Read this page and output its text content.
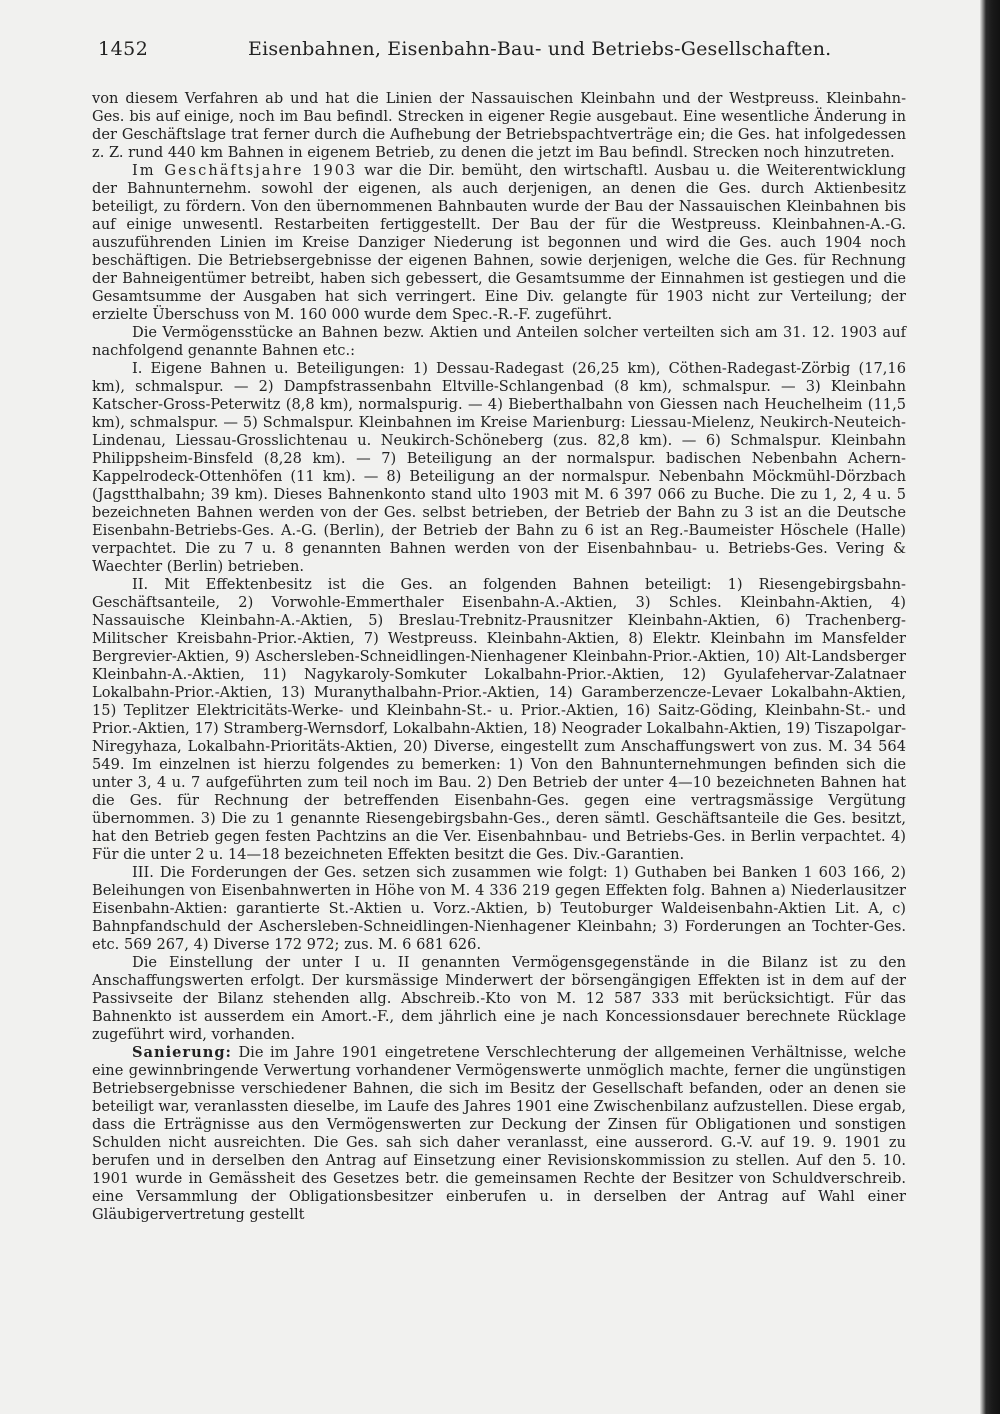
1452	Eisenbahnen, Eisenbahn-Bau- und Betriebs-Gesellschaften.

von diesem Verfahren ab und hat die Linien der Nassauischen Kleinbahn und der Westpreuss. Kleinbahn-Ges. bis auf einige, noch im Bau befindl. Strecken in eigener Regie ausgebaut. Eine wesentliche Änderung in der Geschäftslage trat ferner durch die Aufhebung der Betriebspachtverträge ein; die Ges. hat infolgedessen z. Z. rund 440 km Bahnen in eigenem Betrieb, zu denen die jetzt im Bau befindl. Strecken noch hinzutreten.

Im Geschäftsjahre 1903 war die Dir. bemüht, den wirtschaftl. Ausbau u. die Weiterentwicklung der Bahnunternehm. sowohl der eigenen, als auch derjenigen, an denen die Ges. durch Aktienbesitz beteiligt, zu fördern. Von den übernommenen Bahnbauten wurde der Bau der Nassauischen Kleinbahnen bis auf einige unwesentl. Restarbeiten fertiggestellt. Der Bau der für die Westpreuss. Kleinbahnen-A.-G. auszuführenden Linien im Kreise Danziger Niederung ist begonnen und wird die Ges. auch 1904 noch beschäftigen. Die Betriebsergebnisse der eigenen Bahnen, sowie derjenigen, welche die Ges. für Rechnung der Bahneigentümer betreibt, haben sich gebessert, die Gesamtsumme der Einnahmen ist gestiegen und die Gesamtsumme der Ausgaben hat sich verringert. Eine Div. gelangte für 1903 nicht zur Verteilung; der erzielte Überschuss von M. 160 000 wurde dem Spec.-R.-F. zugeführt.

Die Vermögensstücke an Bahnen bezw. Aktien und Anteilen solcher verteilten sich am 31. 12. 1903 auf nachfolgend genannte Bahnen etc.:

I. Eigene Bahnen u. Beteiligungen: 1) Dessau-Radegast (26,25 km), Cöthen-Radegast-Zörbig (17,16 km), schmalspur. — 2) Dampfstrassenbahn Eltville-Schlangenbad (8 km), schmalspur. — 3) Kleinbahn Katscher-Gross-Peterwitz (8,8 km), normalspurig. — 4) Bieberthalbahn von Giessen nach Heuchelheim (11,5 km), schmalspur. — 5) Schmalspur. Kleinbahnen im Kreise Marienburg: Liessau-Mielenz, Neukirch-Neuteich-Lindenau, Liessau-Grosslichtenau u. Neukirch-Schöneberg (zus. 82,8 km). — 6) Schmalspur. Kleinbahn Philippsheim-Binsfeld (8,28 km). — 7) Beteiligung an der normalspur. badischen Nebenbahn Achern-Kappelrodeck-Ottenhöfen (11 km). — 8) Beteiligung an der normalspur. Nebenbahn Möckmühl-Dörzbach (Jagstthalbahn; 39 km). Dieses Bahnenkonto stand ulto 1903 mit M. 6 397 066 zu Buche. Die zu 1, 2, 4 u. 5 bezeichneten Bahnen werden von der Ges. selbst betrieben, der Betrieb der Bahn zu 3 ist an die Deutsche Eisenbahn-Betriebs-Ges. A.-G. (Berlin), der Betrieb der Bahn zu 6 ist an Reg.-Baumeister Höschele (Halle) verpachtet. Die zu 7 u. 8 genannten Bahnen werden von der Eisenbahnbau- u. Betriebs-Ges. Vering & Waechter (Berlin) betrieben.

II. Mit Effektenbesitz ist die Ges. an folgenden Bahnen beteiligt: 1) Riesengebirgsbahn-Geschäftsanteile, 2) Vorwohle-Emmerthaler Eisenbahn-A.-Aktien, 3) Schles. Kleinbahn-Aktien, 4) Nassauische Kleinbahn-A.-Aktien, 5) Breslau-Trebnitz-Prausnitzer Kleinbahn-Aktien, 6) Trachenberg-Militscher Kreisbahn-Prior.-Aktien, 7) Westpreuss. Kleinbahn-Aktien, 8) Elektr. Kleinbahn im Mansfelder Bergrevier-Aktien, 9) Aschersleben-Schneidlingen-Nienhagener Kleinbahn-Prior.-Aktien, 10) Alt-Landsberger Kleinbahn-A.-Aktien, 11) Nagykaroly-Somkuter Lokalbahn-Prior.-Aktien, 12) Gyulafehervar-Zalatnaer Lokalbahn-Prior.-Aktien, 13) Muranythalbahn-Prior.-Aktien, 14) Garamberzencze-Levaer Lokalbahn-Aktien, 15) Teplitzer Elektricitäts-Werke- und Kleinbahn-St.- u. Prior.-Aktien, 16) Saitz-Göding, Kleinbahn-St.- und Prior.-Aktien, 17) Stramberg-Wernsdorf, Lokalbahn-Aktien, 18) Neograder Lokalbahn-Aktien, 19) Tiszapolgar-Niregyhaza, Lokalbahn-Prioritäts-Aktien, 20) Diverse, eingestellt zum Anschaffungswert von zus. M. 34 564 549. Im einzelnen ist hierzu folgendes zu bemerken: 1) Von den Bahnunternehmungen befinden sich die unter 3, 4 u. 7 aufgeführten zum teil noch im Bau. 2) Den Betrieb der unter 4—10 bezeichneten Bahnen hat die Ges. für Rechnung der betreffenden Eisenbahn-Ges. gegen eine vertragsmässige Vergütung übernommen. 3) Die zu 1 genannte Riesengebirgsbahn-Ges., deren sämtl. Geschäftsanteile die Ges. besitzt, hat den Betrieb gegen festen Pachtzins an die Ver. Eisenbahnbau- und Betriebs-Ges. in Berlin verpachtet. 4) Für die unter 2 u. 14—18 bezeichneten Effekten besitzt die Ges. Div.-Garantien.

III. Die Forderungen der Ges. setzen sich zusammen wie folgt: 1) Guthaben bei Banken 1 603 166, 2) Beleihungen von Eisenbahnwerten in Höhe von M. 4 336 219 gegen Effekten folg. Bahnen a) Niederlausitzer Eisenbahn-Aktien: garantierte St.-Aktien u. Vorz.-Aktien, b) Teutoburger Waldeisenbahn-Aktien Lit. A, c) Bahnpfandschuld der Aschersleben-Schneidlingen-Nienhagener Kleinbahn; 3) Forderungen an Tochter-Ges. etc. 569 267, 4) Diverse 172 972; zus. M. 6 681 626.

Die Einstellung der unter I u. II genannten Vermögensgegenstände in die Bilanz ist zu den Anschaffungswerten erfolgt. Der kursmässige Minderwert der börsengängigen Effekten ist in dem auf der Passivseite der Bilanz stehenden allg. Abschreib.-Kto von M. 12 587 333 mit berücksichtigt. Für das Bahnenkto ist ausserdem ein Amort.-F., dem jährlich eine je nach Koncessionsdauer berechnete Rücklage zugeführt wird, vorhanden.

Sanierung: Die im Jahre 1901 eingetretene Verschlechterung der allgemeinen Verhältnisse, welche eine gewinnbringende Verwertung vorhandener Vermögenswerte unmöglich machte, ferner die ungünstigen Betriebsergebnisse verschiedener Bahnen, die sich im Besitz der Gesellschaft befanden, oder an denen sie beteiligt war, veranlassten dieselbe, im Laufe des Jahres 1901 eine Zwischenbilanz aufzustellen. Diese ergab, dass die Erträgnisse aus den Vermögenswerten zur Deckung der Zinsen für Obligationen und sonstigen Schulden nicht ausreichten. Die Ges. sah sich daher veranlasst, eine ausserord. G.-V. auf 19. 9. 1901 zu berufen und in derselben den Antrag auf Einsetzung einer Revisionskommission zu stellen. Auf den 5. 10. 1901 wurde in Gemässheit des Gesetzes betr. die gemeinsamen Rechte der Besitzer von Schuldverschreib. eine Versammlung der Obligationsbesitzer einberufen u. in derselben der Antrag auf Wahl einer Gläubigervertretung gestellt
